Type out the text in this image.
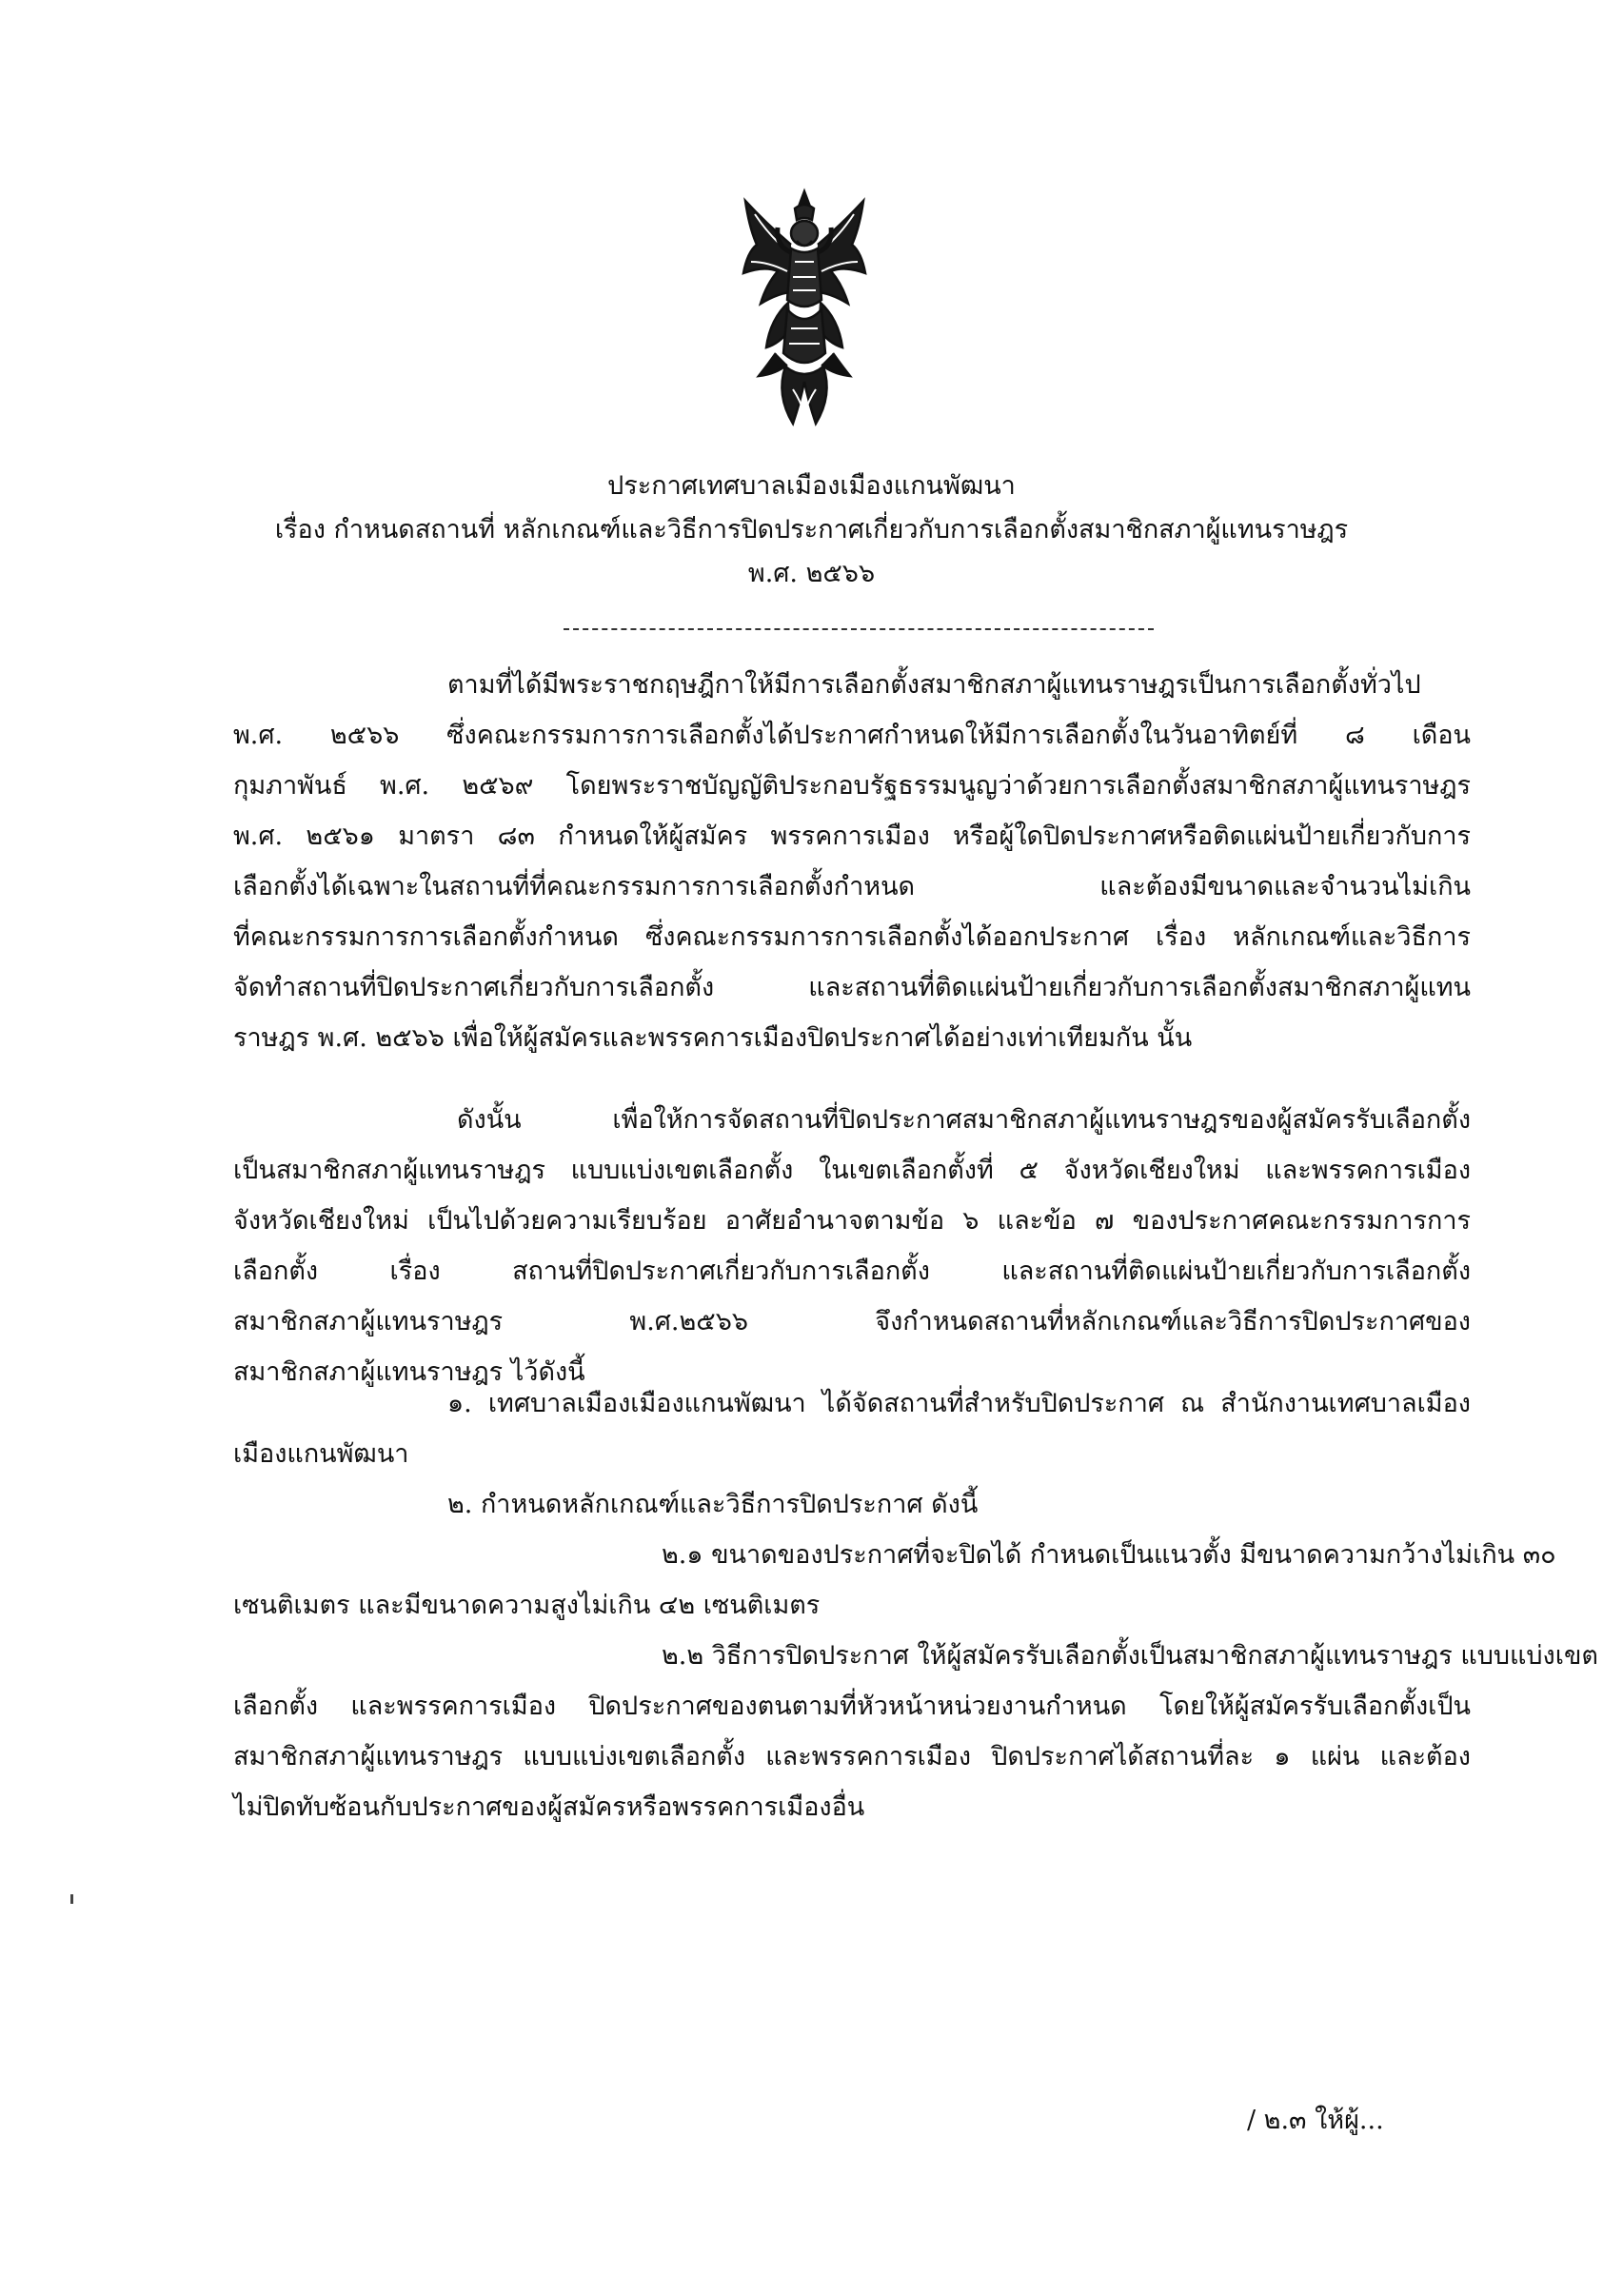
ประกาศเทศบาลเมืองเมืองแกนพัฒนา
เรื่อง กำหนดสถานที่ หลักเกณฑ์และวิธีการปิดประกาศเกี่ยวกับการเลือกตั้งสมาชิกสภาผู้แทนราษฎร
พ.ศ. ๒๕๖๖
ตามที่ได้มีพระราชกฤษฎีกาให้มีการเลือกตั้งสมาชิกสภาผู้แทนราษฎรเป็นการเลือกตั้งทั่วไป
พ.ศ. ๒๕๖๖ ซึ่งคณะกรรมการการเลือกตั้งได้ประกาศกำหนดให้มีการเลือกตั้งในวันอาทิตย์ที่ ๘ เดือน
กุมภาพันธ์ พ.ศ. ๒๕๖๙ โดยพระราชบัญญัติประกอบรัฐธรรมนูญว่าด้วยการเลือกตั้งสมาชิกสภาผู้แทนราษฎร
พ.ศ. ๒๕๖๑ มาตรา ๘๓ กำหนดให้ผู้สมัคร พรรคการเมือง หรือผู้ใดปิดประกาศหรือติดแผ่นป้ายเกี่ยวกับการ
เลือกตั้งได้เฉพาะในสถานที่ที่คณะกรรมการการเลือกตั้งกำหนด และต้องมีขนาดและจำนวนไม่เกิน
ที่คณะกรรมการการเลือกตั้งกำหนด ซึ่งคณะกรรมการการเลือกตั้งได้ออกประกาศ เรื่อง หลักเกณฑ์และวิธีการ
จัดทำสถานที่ปิดประกาศเกี่ยวกับการเลือกตั้ง และสถานที่ติดแผ่นป้ายเกี่ยวกับการเลือกตั้งสมาชิกสภาผู้แทน
ราษฎร พ.ศ. ๒๕๖๖ เพื่อให้ผู้สมัครและพรรคการเมืองปิดประกาศได้อย่างเท่าเทียมกัน นั้น
ดังนั้น เพื่อให้การจัดสถานที่ปิดประกาศสมาชิกสภาผู้แทนราษฎรของผู้สมัครรับเลือกตั้ง
เป็นสมาชิกสภาผู้แทนราษฎร แบบแบ่งเขตเลือกตั้ง ในเขตเลือกตั้งที่ ๕ จังหวัดเชียงใหม่ และพรรคการเมือง
จังหวัดเชียงใหม่ เป็นไปด้วยความเรียบร้อย อาศัยอำนาจตามข้อ ๖ และข้อ ๗ ของประกาศคณะกรรมการการ
เลือกตั้ง เรื่อง สถานที่ปิดประกาศเกี่ยวกับการเลือกตั้ง และสถานที่ติดแผ่นป้ายเกี่ยวกับการเลือกตั้ง
สมาชิกสภาผู้แทนราษฎร พ.ศ.๒๕๖๖ จึงกำหนดสถานที่หลักเกณฑ์และวิธีการปิดประกาศของ
สมาชิกสภาผู้แทนราษฎร ไว้ดังนี้
๑. เทศบาลเมืองเมืองแกนพัฒนา ได้จัดสถานที่สำหรับปิดประกาศ ณ สำนักงานเทศบาลเมือง
เมืองแกนพัฒนา
๒. กำหนดหลักเกณฑ์และวิธีการปิดประกาศ ดังนี้
๒.๑ ขนาดของประกาศที่จะปิดได้ กำหนดเป็นแนวตั้ง มีขนาดความกว้างไม่เกิน ๓๐
เซนติเมตร และมีขนาดความสูงไม่เกิน ๔๒ เซนติเมตร
๒.๒ วิธีการปิดประกาศ ให้ผู้สมัครรับเลือกตั้งเป็นสมาชิกสภาผู้แทนราษฎร แบบแบ่งเขต
เลือกตั้ง และพรรคการเมือง ปิดประกาศของตนตามที่หัวหน้าหน่วยงานกำหนด โดยให้ผู้สมัครรับเลือกตั้งเป็น
สมาชิกสภาผู้แทนราษฎร แบบแบ่งเขตเลือกตั้ง และพรรคการเมือง ปิดประกาศได้สถานที่ละ ๑ แผ่น และต้อง
ไม่ปิดทับซ้อนกับประกาศของผู้สมัครหรือพรรคการเมืองอื่น
/ ๒.๓ ให้ผู้...
